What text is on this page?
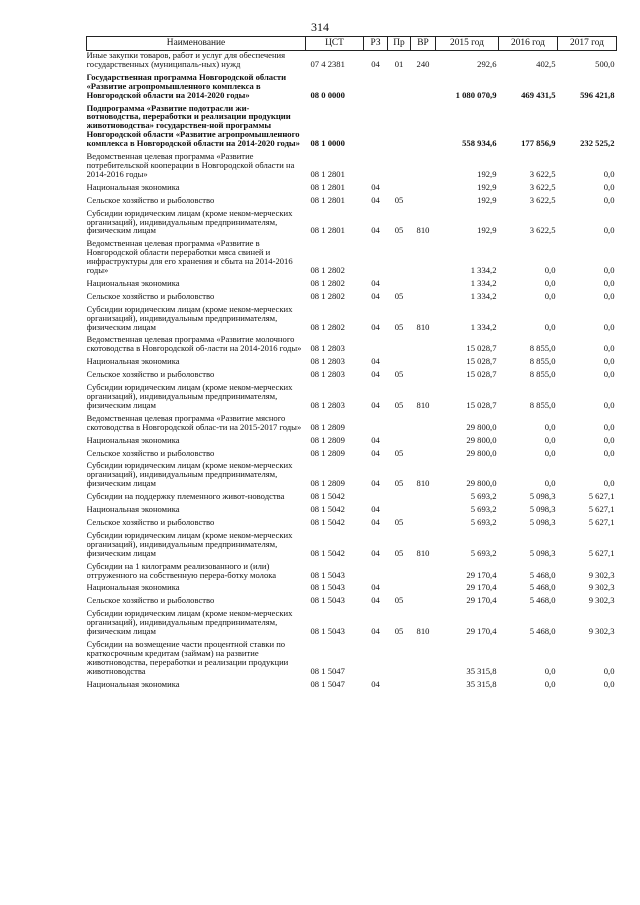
314
Наименование	ЦСТ	РЗ	Пр	ВР	2015 год	2016 год	2017 год
Иные закупки товаров, работ и услуг для обеспечения государственных (муниципаль-ных) нужд	07 4 2381	04	01	240	292,6	402,5	500,0
Государственная программа Новгородской области «Развитие агропромышленного комплекса в Новгородской области на 2014-2020 годы»	08 0 0000				1 080 070,9	469 431,5	596 421,8
Подпрограмма «Развитие подотрасли жи-вотноводства, переработки и реализации продукции животноводства» государствен-ной программы Новгородской области «Развитие агропромышленного комплекса в Новгородской области на 2014-2020 годы»	08 1 0000				558 934,6	177 856,9	232 525,2
Ведомственная целевая программа «Развитие потребительской кооперации в Новгородской области на 2014-2016 годы»	08 1 2801				192,9	3 622,5	0,0
Национальная экономика	08 1 2801	04			192,9	3 622,5	0,0
Сельское хозяйство и рыболовство	08 1 2801	04	05		192,9	3 622,5	0,0
Субсидии юридическим лицам (кроме неком-мерческих организаций), индивидуальным предпринимателям, физическим лицам	08 1 2801	04	05	810	192,9	3 622,5	0,0
Ведомственная целевая программа «Развитие в Новгородской области переработки мяса свиней и инфраструктуры для его хранения и сбыта на 2014-2016 годы»	08 1 2802				1 334,2	0,0	0,0
Национальная экономика	08 1 2802	04			1 334,2	0,0	0,0
Сельское хозяйство и рыболовство	08 1 2802	04	05		1 334,2	0,0	0,0
Субсидии юридическим лицам (кроме неком-мерческих организаций), индивидуальным предпринимателям, физическим лицам	08 1 2802	04	05	810	1 334,2	0,0	0,0
Ведомственная целевая программа «Развитие молочного скотоводства в Новгородской об-ласти на 2014-2016 годы»	08 1 2803				15 028,7	8 855,0	0,0
Национальная экономика	08 1 2803	04			15 028,7	8 855,0	0,0
Сельское хозяйство и рыболовство	08 1 2803	04	05		15 028,7	8 855,0	0,0
Субсидии юридическим лицам (кроме неком-мерческих организаций), индивидуальным предпринимателям, физическим лицам	08 1 2803	04	05	810	15 028,7	8 855,0	0,0
Ведомственная целевая программа «Развитие мясного скотоводства в Новгородской облас-ти на 2015-2017 годы»	08 1 2809				29 800,0	0,0	0,0
Национальная экономика	08 1 2809	04			29 800,0	0,0	0,0
Сельское хозяйство и рыболовство	08 1 2809	04	05		29 800,0	0,0	0,0
Субсидии юридическим лицам (кроме неком-мерческих организаций), индивидуальным предпринимателям, физическим лицам	08 1 2809	04	05	810	29 800,0	0,0	0,0
Субсидии на поддержку племенного живот-новодства	08 1 5042				5 693,2	5 098,3	5 627,1
Национальная экономика	08 1 5042	04			5 693,2	5 098,3	5 627,1
Сельское хозяйство и рыболовство	08 1 5042	04	05		5 693,2	5 098,3	5 627,1
Субсидии юридическим лицам (кроме неком-мерческих организаций), индивидуальным предпринимателям, физическим лицам	08 1 5042	04	05	810	5 693,2	5 098,3	5 627,1
Субсидии на 1 килограмм реализованного и (или) отгруженного на собственную перера-ботку молока	08 1 5043				29 170,4	5 468,0	9 302,3
Национальная экономика	08 1 5043	04			29 170,4	5 468,0	9 302,3
Сельское хозяйство и рыболовство	08 1 5043	04	05		29 170,4	5 468,0	9 302,3
Субсидии юридическим лицам (кроме неком-мерческих организаций), индивидуальным предпринимателям, физическим лицам	08 1 5043	04	05	810	29 170,4	5 468,0	9 302,3
Субсидии на возмещение части процентной ставки по краткосрочным кредитам (займам) на развитие животноводства, переработки и реализации продукции животноводства	08 1 5047				35 315,8	0,0	0,0
Национальная экономика	08 1 5047	04			35 315,8	0,0	0,0
